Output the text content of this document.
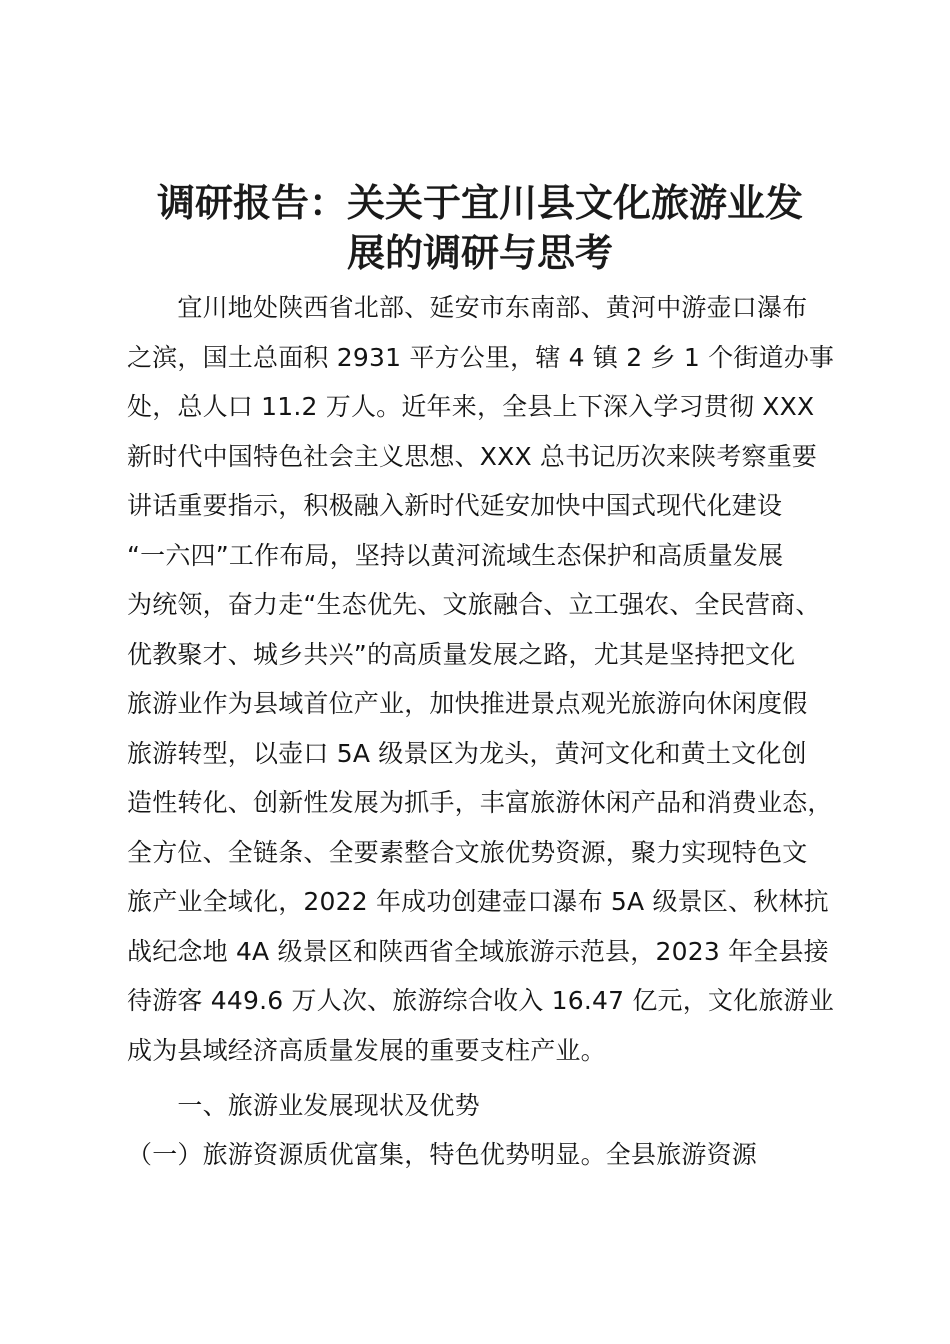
调研报告：关关于宜川县文化旅游业发
展的调研与思考
　　宜川地处陕西省北部、延安市东南部、黄河中游壶口瀑布
之滨，国土总面积 2931 平方公里，辖 4 镇 2 乡 1 个街道办事
处，总人口 11.2 万人。近年来，全县上下深入学习贯彻 XXX
新时代中国特色社会主义思想、XXX 总书记历次来陕考察重要
讲话重要指示，积极融入新时代延安加快中国式现代化建设
“一六四”工作布局，坚持以黄河流域生态保护和高质量发展
为统领，奋力走“生态优先、文旅融合、立工强农、全民营商、
优教聚才、城乡共兴”的高质量发展之路，尤其是坚持把文化
旅游业作为县域首位产业，加快推进景点观光旅游向休闲度假
旅游转型，以壶口 5A 级景区为龙头，黄河文化和黄土文化创
造性转化、创新性发展为抓手，丰富旅游休闲产品和消费业态，
全方位、全链条、全要素整合文旅优势资源，聚力实现特色文
旅产业全域化，2022 年成功创建壶口瀑布 5A 级景区、秋林抗
战纪念地 4A 级景区和陕西省全域旅游示范县，2023 年全县接
待游客 449.6 万人次、旅游综合收入 16.47 亿元，文化旅游业
成为县域经济高质量发展的重要支柱产业。
　　一、旅游业发展现状及优势
（一）旅游资源质优富集，特色优势明显。全县旅游资源
